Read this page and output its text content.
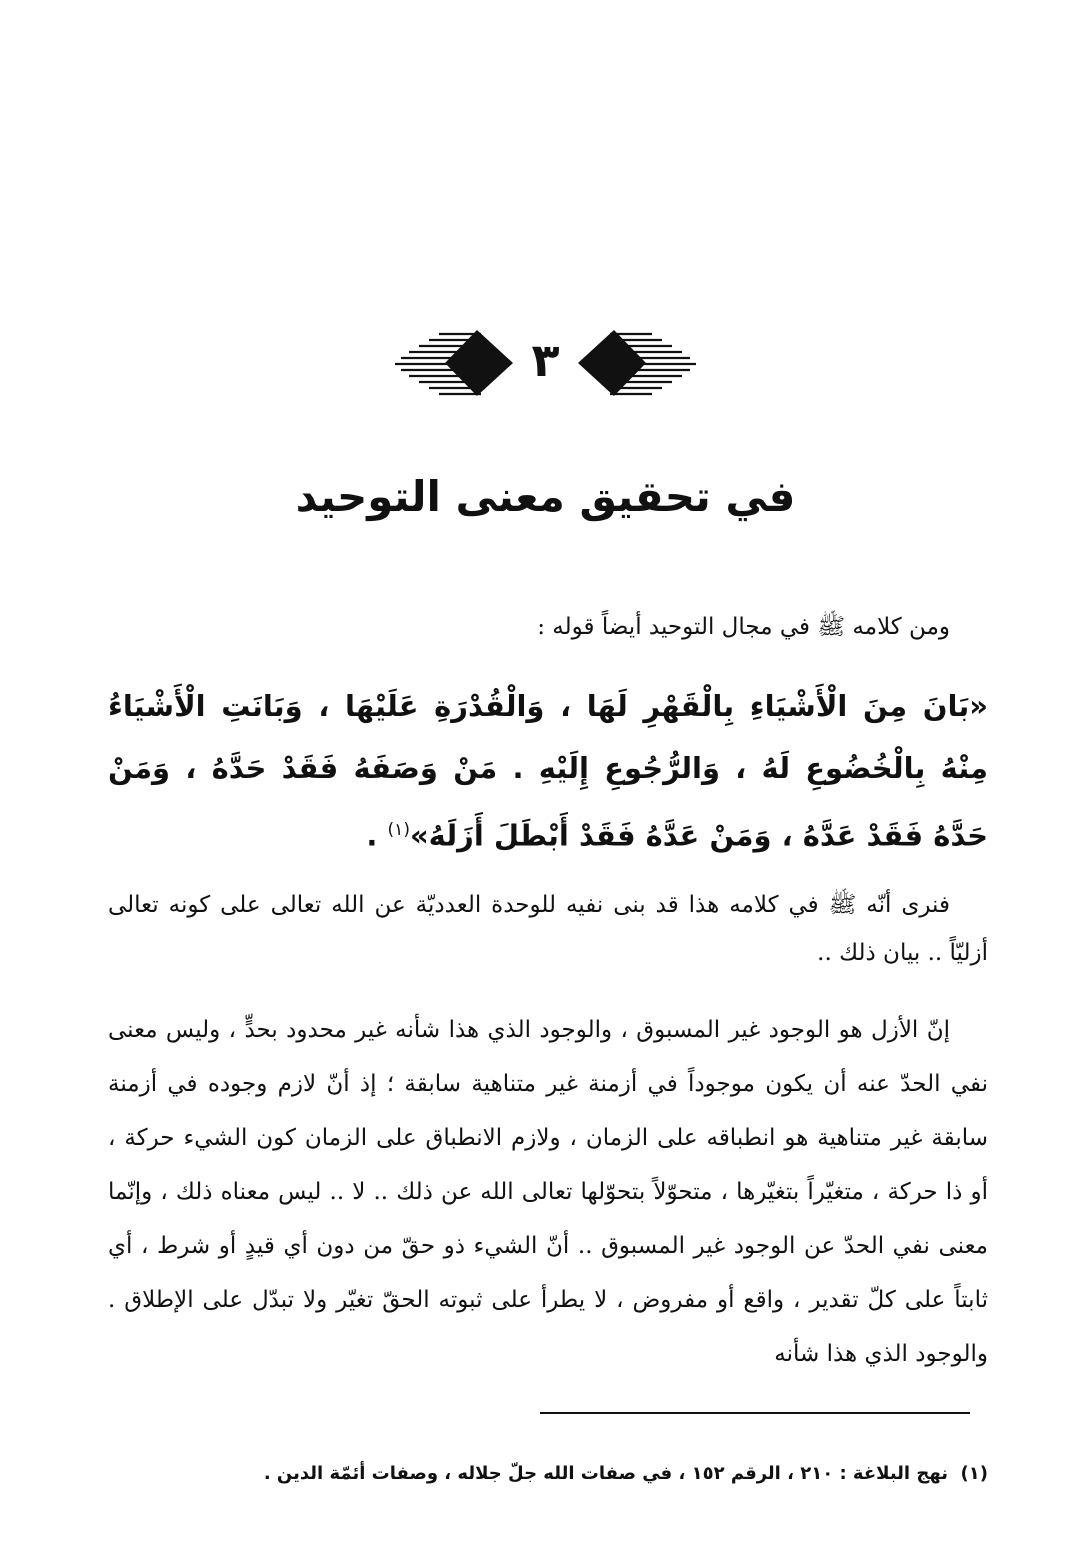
٣
في تحقيق معنى التوحيد

ومن كلامه ﷺ في مجال التوحيد أيضاً قوله :

«بَانَ مِنَ الْأَشْيَاءِ بِالْقَهْرِ لَهَا ، وَالْقُدْرَةِ عَلَيْهَا ، وَبَانَتِ الْأَشْيَاءُ مِنْهُ بِالْخُضُوعِ لَهُ ، وَالرُّجُوعِ إِلَيْهِ . مَنْ وَصَفَهُ فَقَدْ حَدَّهُ ، وَمَنْ حَدَّهُ فَقَدْ عَدَّهُ ، وَمَنْ عَدَّهُ فَقَدْ أَبْطَلَ أَزَلَهُ»$^{(١)}$ .

فنرى أنّه ﷺ في كلامه هذا قد بنى نفيه للوحدة العدديّة عن الله تعالى على كونه تعالى أزليّاً .. بيان ذلك ..

إنّ الأزل هو الوجود غير المسبوق ، والوجود الذي هذا شأنه غير محدود بحدٍّ ، وليس معنى نفي الحدّ عنه أن يكون موجوداً في أزمنة غير متناهية سابقة ؛ إذ أنّ لازم وجوده في أزمنة سابقة غير متناهية هو انطباقه على الزمان ، ولازم الانطباق على الزمان كون الشيء حركة ، أو ذا حركة ، متغيّراً بتغيّرها ، متحوّلاً بتحوّلها تعالى الله عن ذلك .. لا .. ليس معناه ذلك ، وإنّما معنى نفي الحدّ عن الوجود غير المسبوق .. أنّ الشيء ذو حقّ من دون أي قيدٍ أو شرط ، أي ثابتاً على كلّ تقدير ، واقع أو مفروض ، لا يطرأ على ثبوته الحقّ تغيّر ولا تبدّل على الإطلاق . والوجود الذي هذا شأنه

(١)  نهج البلاغة : ٢١٠ ، الرقم ١٥٢ ، في صفات الله جلّ جلاله ، وصفات أئمّة الدين .
